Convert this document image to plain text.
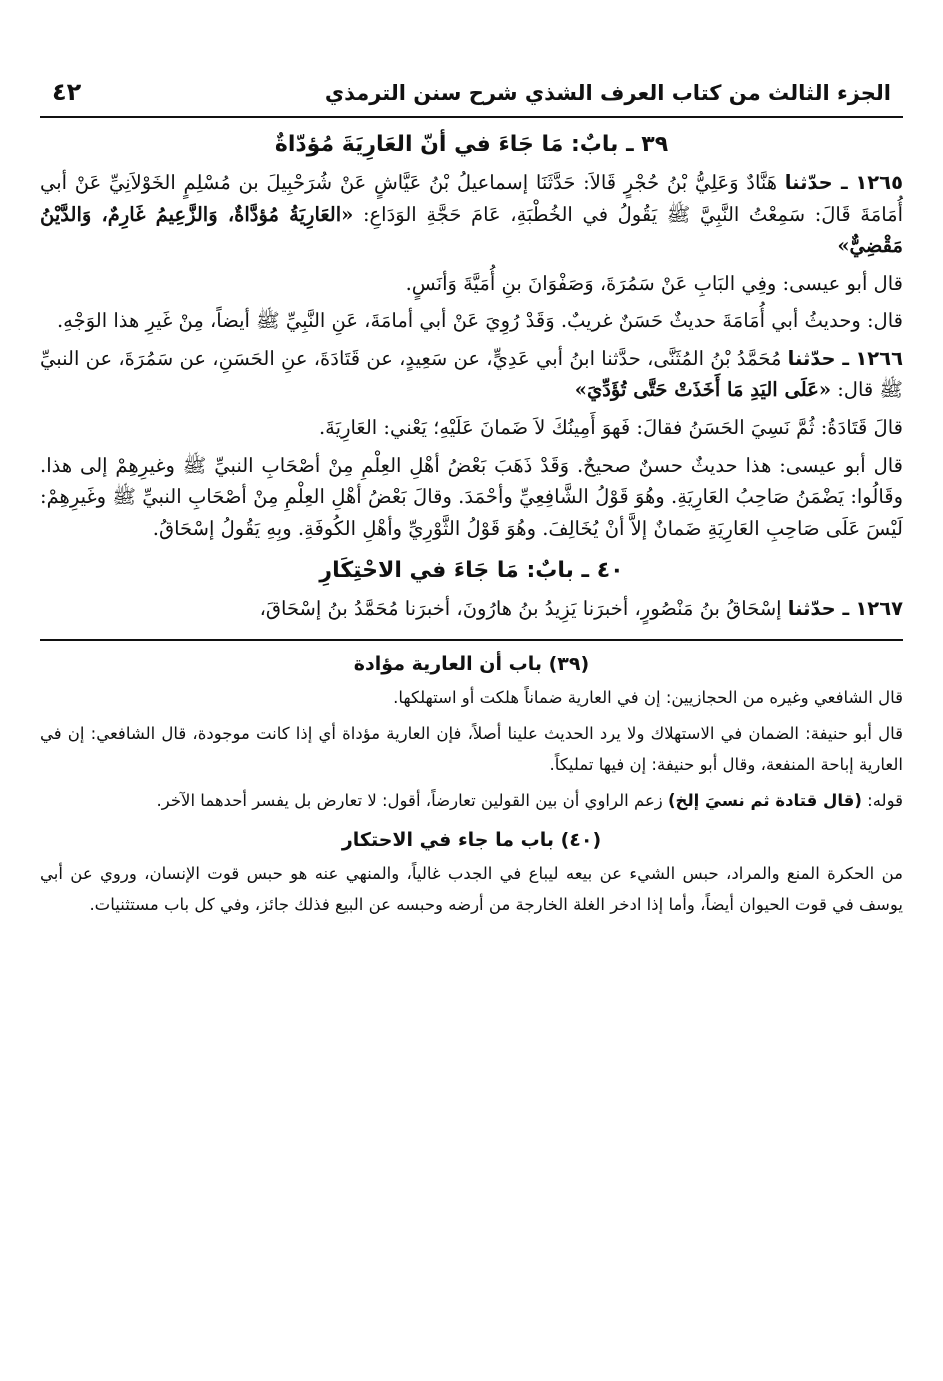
الجزء الثالث من كتاب العرف الشذي شرح سنن الترمذي
٤٢
٣٩ ـ بابٌ: مَا جَاءَ في أنّ العَارِيَةَ مُؤدّاةٌ

١٢٦٥ ـ حدّثنا هَنَّادٌ وَعَلِيُّ بْنُ حُجْرٍ قَالاَ: حَدَّثَنَا إسماعيلُ بْنُ عَيَّاشٍ عَنْ شُرَحْبِيلَ بن مُسْلِمٍ الخَوْلاَنِيِّ عَنْ أبي أُمَامَةَ قَالَ: سَمِعْتُ النَّبِيَّ ﷺ يَقُولُ في الخُطْبَةِ، عَامَ حَجَّةِ الوَدَاعِ: «العَارِيَةُ مُؤدَّاةٌ، وَالزَّعِيمُ غَارِمٌ، وَالدَّيْنُ مَقْضِيٌّ»

قال أبو عيسى: وفِي البَابِ عَنْ سَمُرَةَ، وَصَفْوَانَ بنِ أُمَيَّةَ وَأنَسٍ.

قال: وحديثُ أبي أُمَامَةَ حديثٌ حَسَنٌ غريبٌ. وَقَدْ رُوِيَ عَنْ أبي أمامَةَ، عَنِ النَّبِيِّ ﷺ أيضاً، مِنْ غَيرِ هذا الوَجْهِ.

١٢٦٦ ـ حدّثنا مُحَمَّدُ بْنُ المُثَنَّى، حدَّثنا ابنُ أبي عَدِيٍّ، عن سَعِيدٍ، عن قَتَادَةَ، عنِ الحَسَنِ، عن سَمُرَةَ، عن النبيِّ ﷺ قال: «عَلَى اليَدِ مَا أَخَذَتْ حَتَّى تُؤَدِّيَ»

قالَ قَتَادَةُ: ثُمَّ نَسِيَ الحَسَنُ فقالَ: فَهوَ أَمِينُكَ لاَ ضَمانَ عَلَيْهِ؛ يَعْني: العَارِيَةَ.

قال أبو عيسى: هذا حديثٌ حسنٌ صحيحٌ. وَقَدْ ذَهَبَ بَعْضُ أهْلِ العِلْمِ مِنْ أصْحَابِ النبيِّ ﷺ وغيرِهِمْ إلى هذا. وقَالُوا: يَضْمَنُ صَاحِبُ العَارِيَةِ. وهُوَ قَوْلُ الشَّافِعِيِّ وأحْمَدَ. وقالَ بَعْضُ أهْلِ العِلْمِ مِنْ أصْحَابِ النبيِّ ﷺ وغَيرِهِمْ: لَيْسَ عَلَى صَاحِبِ العَارِيَةِ ضَمانٌ إلاَّ أنْ يُخَالِفَ. وهُوَ قَوْلُ الثَّوْرِيِّ وأهْلِ الكُوفَةِ. وبِهِ يَقُولُ إسْحَاقُ.

٤٠ ـ بابٌ: مَا جَاءَ في الاحْتِكَارِ

١٢٦٧ ـ حدّثنا إسْحَاقُ بنُ مَنْصُورٍ، أخبرَنا يَزِيدُ بنُ هارُونَ، أخبرَنا مُحَمَّدُ بنُ إسْحَاقَ،

(٣٩) باب أن العارية مؤادة

قال الشافعي وغيره من الحجازيين: إن في العارية ضماناً هلكت أو استهلكها.

قال أبو حنيفة: الضمان في الاستهلاك ولا يرد الحديث علينا أصلاً، فإن العارية مؤداة أي إذا كانت موجودة، قال الشافعي: إن في العارية إباحة المنفعة، وقال أبو حنيفة: إن فيها تمليكاً.

قوله: (قال قتادة ثم نسيَ إلخ) زعم الراوي أن بين القولين تعارضاً، أقول: لا تعارض بل يفسر أحدهما الآخر.

(٤٠) باب ما جاء في الاحتكار

من الحكرة المنع والمراد، حبس الشيء عن بيعه ليباع في الجدب غالياً، والمنهي عنه هو حبس قوت الإنسان، وروي عن أبي يوسف في قوت الحيوان أيضاً، وأما إذا ادخر الغلة الخارجة من أرضه وحبسه عن البيع فذلك جائز، وفي كل باب مستثنيات.
